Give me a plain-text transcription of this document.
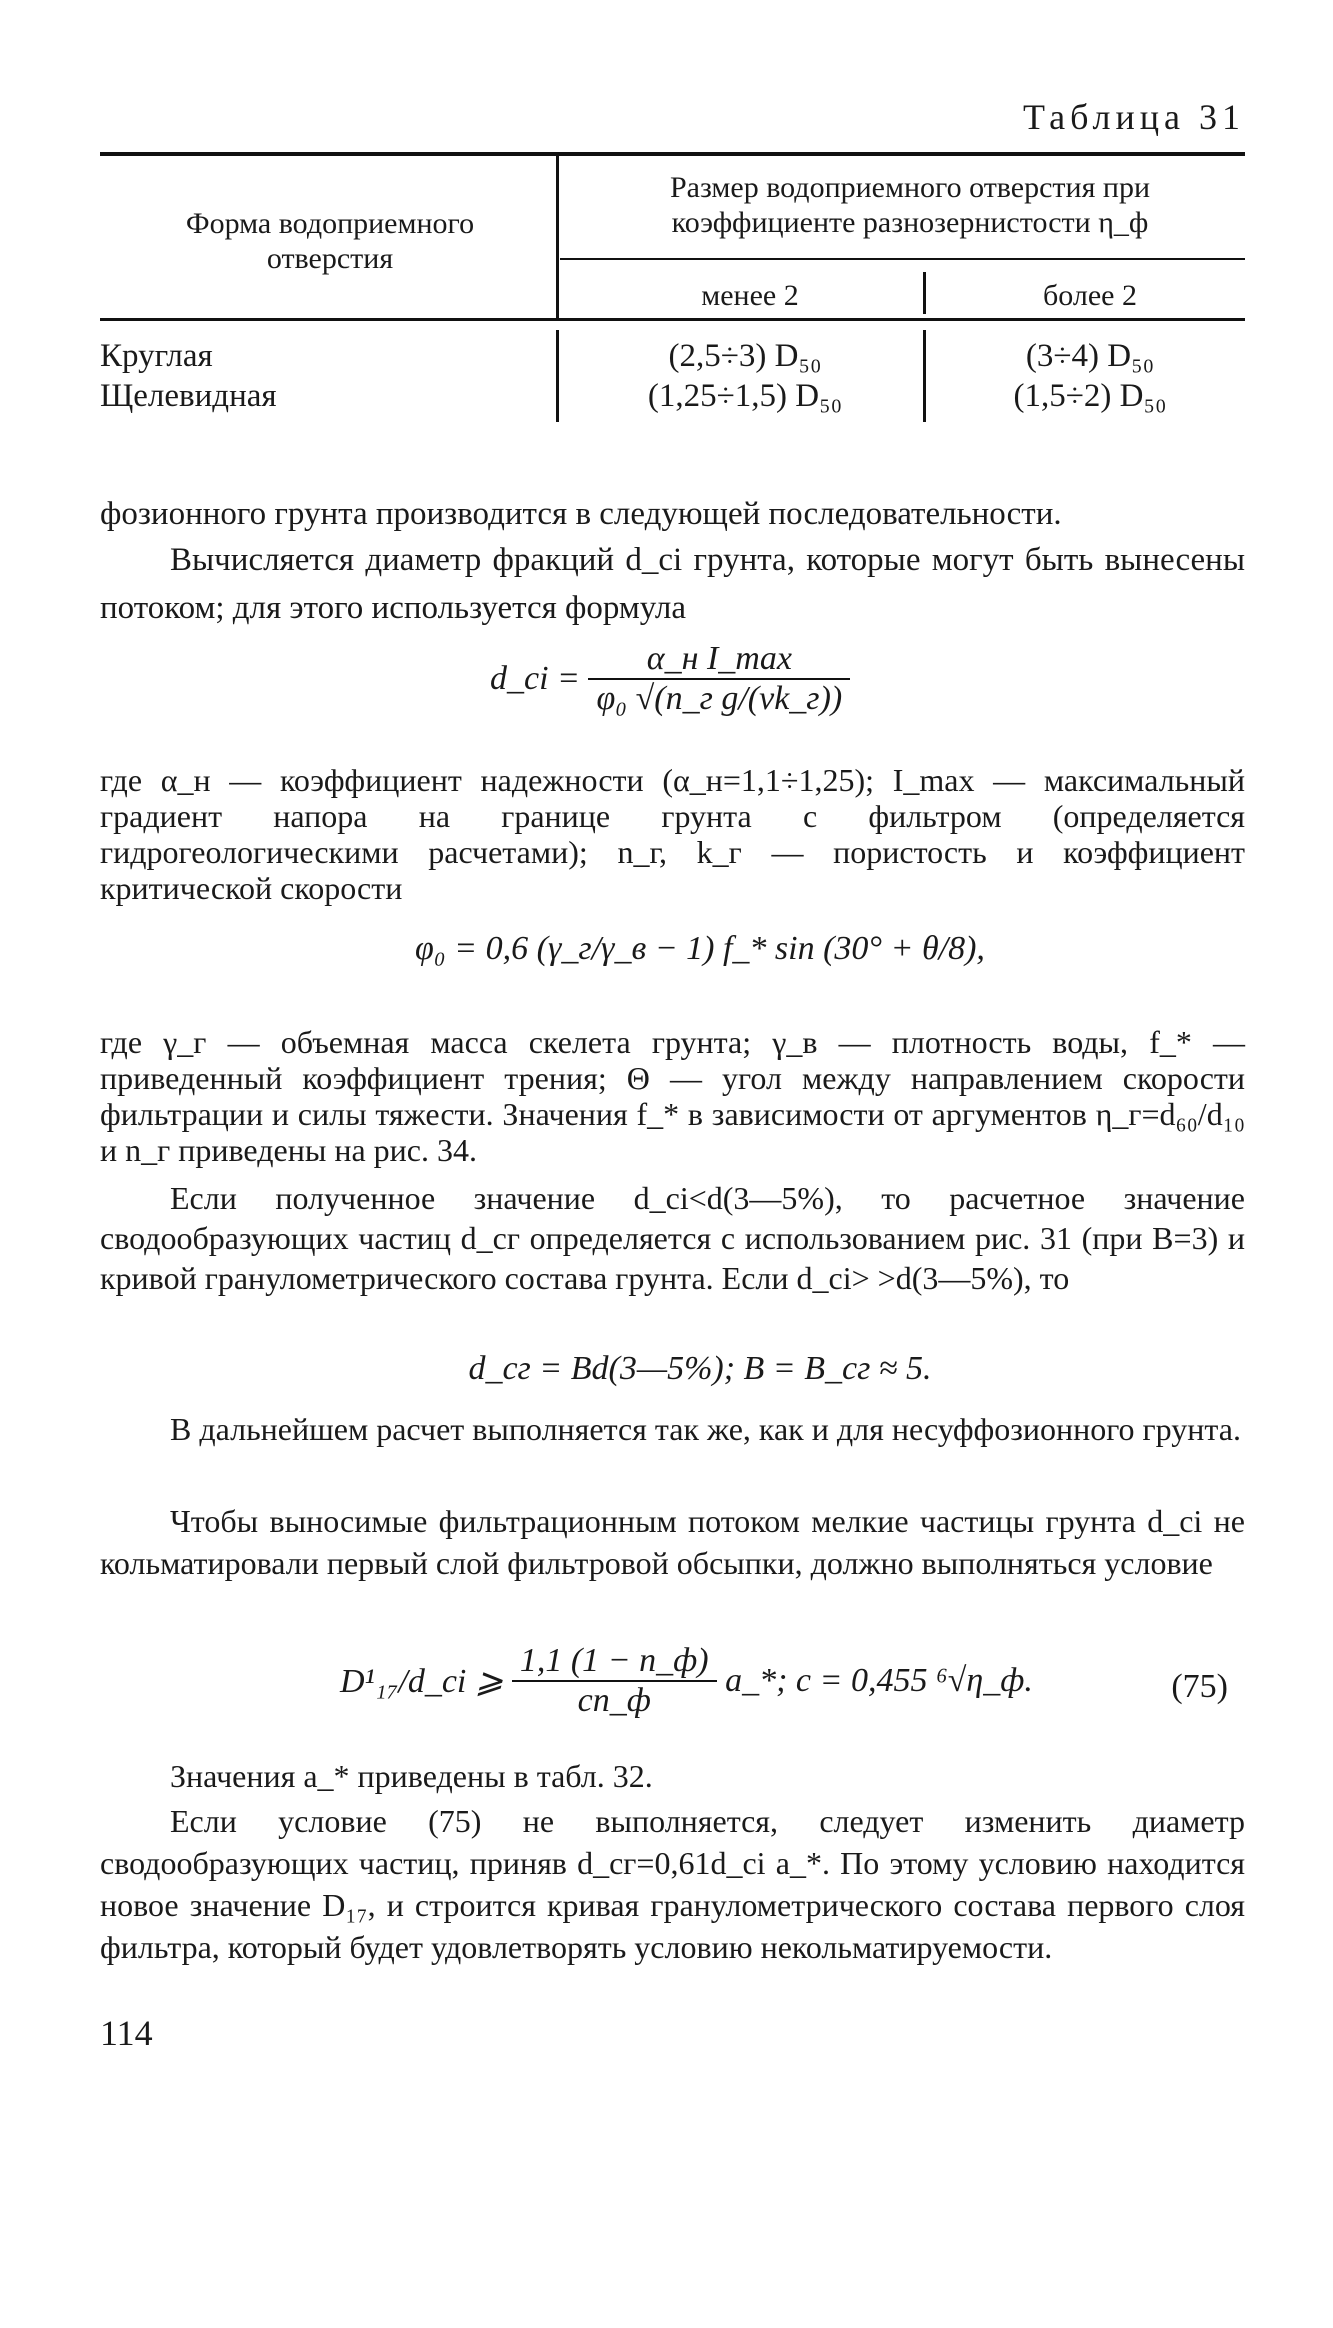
Таблица 31
Форма водоприемного отверстия
Размер водоприемного отверстия при коэффициенте разнозернистости η_ф
менее 2	более 2
Круглая
Щелевидная
(2,5÷3) D₅₀
(1,25÷1,5) D₅₀
(3÷4) D₅₀
(1,5÷2) D₅₀

фозионного грунта производится в следующей последовательности.

Вычисляется диаметр фракций d_ci грунта, которые могут быть вынесены потоком; для этого используется формула

d_ci = $\frac{\text{α\_н I\_max}}{\text{φ₀ √(n\_г g/(νk\_г))}}$

где α_н — коэффициент надежности (α_н=1,1÷1,25); I_max — максимальный градиент напора на границе грунта с фильтром (определяется гидрогеологическими расчетами); n_г, k_г — пористость и коэффициент критической скорости

φ₀ = 0,6 (γ_г/γ_в − 1) f_* sin (30° + θ/8),

где γ_г — объемная масса скелета грунта; γ_в — плотность воды, f_* — приведенный коэффициент трения; Θ — угол между направлением скорости фильтрации и силы тяжести. Значения f_* в зависимости от аргументов η_г=d₆₀/d₁₀ и n_г приведены на рис. 34.

Если полученное значение d_ci<d(3—5%), то расчетное значение сводообразующих частиц d_сг определяется с использованием рис. 31 (при B=3) и кривой гранулометрического состава грунта. Если d_ci> >d(3—5%), то

d_сг = Bd(3—5%); B = B_сг ≈ 5.

В дальнейшем расчет выполняется так же, как и для несуффозионного грунта.

Чтобы выносимые фильтрационным потоком мелкие частицы грунта d_ci не кольматировали первый слой фильтровой обсыпки, должно выполняться условие

D¹₁₇/d_ci ⩾ $\frac{1,1 (1 - n\_ф)}{cn\_ф}$ a_*; c = 0,455 ⁶√η_ф.	(75)

Значения a_* приведены в табл. 32.

Если условие (75) не выполняется, следует изменить диаметр сводообразующих частиц, приняв d_сг=0,61d_ci a_*. По этому условию находится новое значение D₁₇, и строится кривая гранулометрического состава первого слоя фильтра, который будет удовлетворять условию некольматируемости.

114
